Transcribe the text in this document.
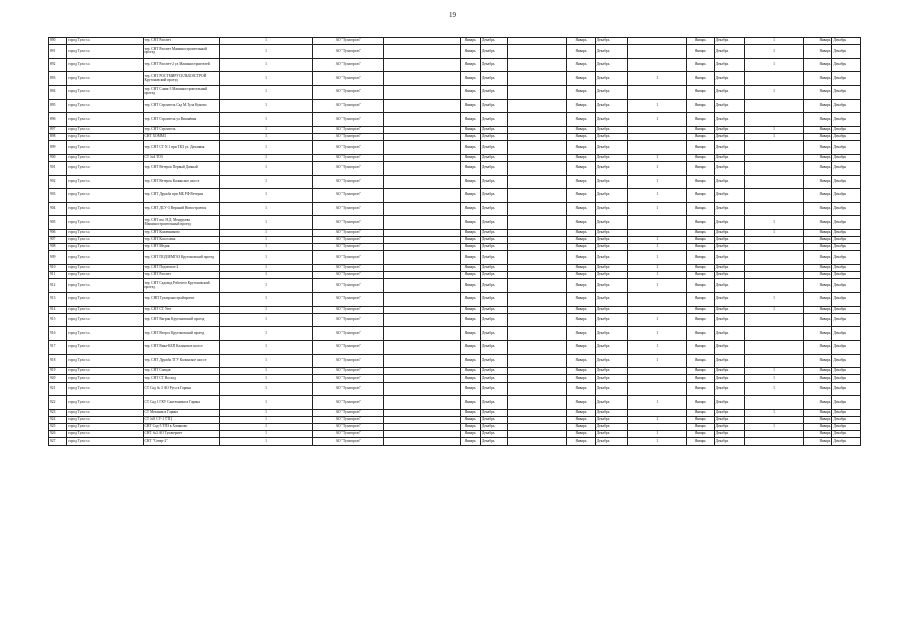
19
890	город Тула г.о.	тер. СНТ Рассвет	1	АО "Тулагоргаз"		Январь	Декабрь		Январь	Декабрь		Январь	Декабрь	1	Январь	Декабрь
891	город Тула г.о.	тер. СНТ Рассвет Машиностроительный проезд	1	АО "Тулагоргаз"		Январь	Декабрь		Январь	Декабрь		Январь	Декабрь	1	Январь	Декабрь
892	город Тула г.о.	тер. СНТ Рассвет-2 ул Машиностроителей	1	АО "Тулагоргаз"		Январь	Декабрь		Январь	Декабрь		Январь	Декабрь	1	Январь	Декабрь
893	город Тула г.о.	тер. СНТ РОСТМИРУСЕЛЬХОЗСТРОЙ Крутоновский проезд	1	АО "Тулагоргаз"		Январь	Декабрь		Январь	Декабрь	1	Январь	Декабрь		Январь	Декабрь
894	город Тула г.о.	тер. СНТ Слава-3 Машиностроительный проезд	1	АО "Тулагоргаз"		Январь	Декабрь		Январь	Декабрь		Январь	Декабрь	1	Январь	Декабрь
895	город Тула г.о.	тер. СНТ Строитель Сад М.Тула Кумово	1	АО "Тулагоргаз"		Январь	Декабрь		Январь	Декабрь	1	Январь	Декабрь		Январь	Декабрь
896	город Тула г.о.	тер. СНТ Строитель ул Вишнёвая	1	АО "Тулагоргаз"		Январь	Декабрь		Январь	Декабрь	1	Январь	Декабрь		Январь	Декабрь
897	город Тула г.о.	тер. СНТ Строитель	1	АО "Тулагоргаз"		Январь	Декабрь		Январь	Декабрь		Январь	Декабрь	1	Январь	Декабрь
898	город Тула г.о.	СНТ ХОММЗ	1	АО "Тулагоргаз"		Январь	Декабрь		Январь	Декабрь		Январь	Декабрь	1	Январь	Декабрь
899	город Тула г.о.	тер. СНТ СТ N 1 при ТКЗ ул. Дачливая	1	АО "Тулагоргаз"		Январь	Декабрь		Январь	Декабрь		Январь	Декабрь		Январь	Декабрь
900	город Тула г.о.	СТ №4 ТОЗ	1	АО "Тулагоргаз"		Январь	Декабрь		Январь	Декабрь	1	Январь	Декабрь		Январь	Декабрь
901	город Тула г.о.	тер. СНТ Ветерок Первый Дачный	1	АО "Тулагоргаз"		Январь	Декабрь		Январь	Декабрь	1	Январь	Декабрь		Январь	Декабрь
902	город Тула г.о.	тер. СНТ Ветерок Калинское шоссе	1	АО "Тулагоргаз"		Январь	Декабрь		Январь	Декабрь	1	Январь	Декабрь		Январь	Декабрь
903	город Тула г.о.	тер. СНТ Дружба при МБ РФ Ветеран	1	АО "Тулагоргаз"		Январь	Декабрь		Январь	Декабрь	1	Январь	Декабрь		Январь	Декабрь
904	город Тула г.о.	тер. СНТ ДСУ-3 Верхний Новостроевск	1	АО "Тулагоргаз"		Январь	Декабрь		Январь	Декабрь	1	Январь	Декабрь		Январь	Декабрь
905	город Тула г.о.	тер. СНТ им. Н.Д. Менуруева Машиностроительный проезд	1	АО "Тулагоргаз"		Январь	Декабрь		Январь	Декабрь		Январь	Декабрь	1	Январь	Декабрь
906	город Тула г.о.	тер. СНТ Кожевниково	1	АО "Тулагоргаз"		Январь	Декабрь		Январь	Декабрь		Январь	Декабрь	1	Январь	Декабрь
907	город Тула г.о.	тер. СНТ Колосовка	1	АО "Тулагоргаз"		Январь	Декабрь		Январь	Декабрь	1	Январь	Декабрь		Январь	Декабрь
908	город Тула г.о.	тер. СНТ Медик	1	АО "Тулагоргаз"		Январь	Декабрь		Январь	Декабрь	1	Январь	Декабрь		Январь	Декабрь
909	город Тула г.о.	тер. СНТ ПОДЗЕМГАЗ Крутоновский проезд	1	АО "Тулагоргаз"		Январь	Декабрь		Январь	Декабрь	1	Январь	Декабрь		Январь	Декабрь
910	город Тула г.о.	тер. СНТ Подземгаз-2	1	АО "Тулагоргаз"		Январь	Декабрь		Январь	Декабрь	1	Январь	Декабрь		Январь	Декабрь
911	город Тула г.о.	тер. СНТ Рассвет	1	АО "Тулагоргаз"		Январь	Декабрь		Январь	Декабрь	1	Январь	Декабрь		Январь	Декабрь
912	город Тула г.о.	тер. СНТ Садовод Рабочего Крутоновский проезд	1	АО "Тулагоргаз"		Январь	Декабрь		Январь	Декабрь	1	Январь	Декабрь		Январь	Декабрь
913	город Тула г.о.	тер. СНП Тулатрансстройпроект	1	АО "Тулагоргаз"		Январь	Декабрь		Январь	Декабрь		Январь	Декабрь	1	Январь	Декабрь
914	город Тула г.о.	тер. СНТ СТ Уют	1	АО "Тулагоргаз"		Январь	Декабрь		Январь	Декабрь		Январь	Декабрь	1	Январь	Декабрь
915	город Тула г.о.	тер. СНТ Вагрик Крутоновский проезд	1	АО "Тулагоргаз"		Январь	Декабрь		Январь	Декабрь	1	Январь	Декабрь		Январь	Декабрь
916	город Тула г.о.	тер. СНТ Вторсх Крутоновский проезд	1	АО "Тулагоргаз"		Январь	Декабрь		Январь	Декабрь	1	Январь	Декабрь		Январь	Декабрь
917	город Тула г.о.	тер. СНТ Вика-КБП Калинское шоссе	1	АО "Тулагоргаз"		Январь	Декабрь		Январь	Декабрь	1	Январь	Декабрь		Январь	Декабрь
918	город Тула г.о.	тер. СНТ Дружба ТГУ Калинское шоссе	1	АО "Тулагоргаз"		Январь	Декабрь		Январь	Декабрь	1	Январь	Декабрь		Январь	Декабрь
919	город Тула г.о.	тер. СНТ Спецав	1	АО "Тулагоргаз"		Январь	Декабрь		Январь	Декабрь		Январь	Декабрь	1	Январь	Декабрь
920	город Тула г.о.	тер. СНТ СТ Восход	1	АО "Тулагоргаз"		Январь	Декабрь		Январь	Декабрь		Январь	Декабрь	1	Январь	Декабрь
921	город Тула г.о.	СТ Сад № 3 АО Руса в Гарина	1	АО "Тулагоргаз"		Январь	Декабрь		Январь	Декабрь		Январь	Декабрь	1	Январь	Декабрь
922	город Тула г.о.	СТ Сад 1 ГКУ Сантехники в Гарина	1	АО "Тулагоргаз"		Январь	Декабрь		Январь	Декабрь	1	Январь	Декабрь		Январь	Декабрь
923	город Тула г.о.	СТ Механик в Гарина	1	АО "Тулагоргаз"		Январь	Декабрь		Январь	Декабрь		Январь	Декабрь	1	Январь	Декабрь
924	город Тула г.о.	СТ №9 СУ-1 ТТЦ	1	АО "Тулагоргаз"		Январь	Декабрь		Январь	Декабрь	1	Январь	Декабрь		Январь	Декабрь
925	город Тула г.о.	СНТ Сад-5 ТПЗ в Хомяково	1	АО "Тулагоргаз"		Январь	Декабрь		Январь	Декабрь		Январь	Декабрь	1	Январь	Декабрь
926	город Тула г.о.	СНТ №3 АО Тулачермет	1	АО "Тулагоргаз"		Январь	Декабрь		Январь	Декабрь	1	Январь	Декабрь		Январь	Декабрь
927	город Тула г.о.	СНТ "Север-2"	1	АО "Тулагоргаз"		Январь	Декабрь		Январь	Декабрь	1	Январь	Декабрь		Январь	Декабрь
